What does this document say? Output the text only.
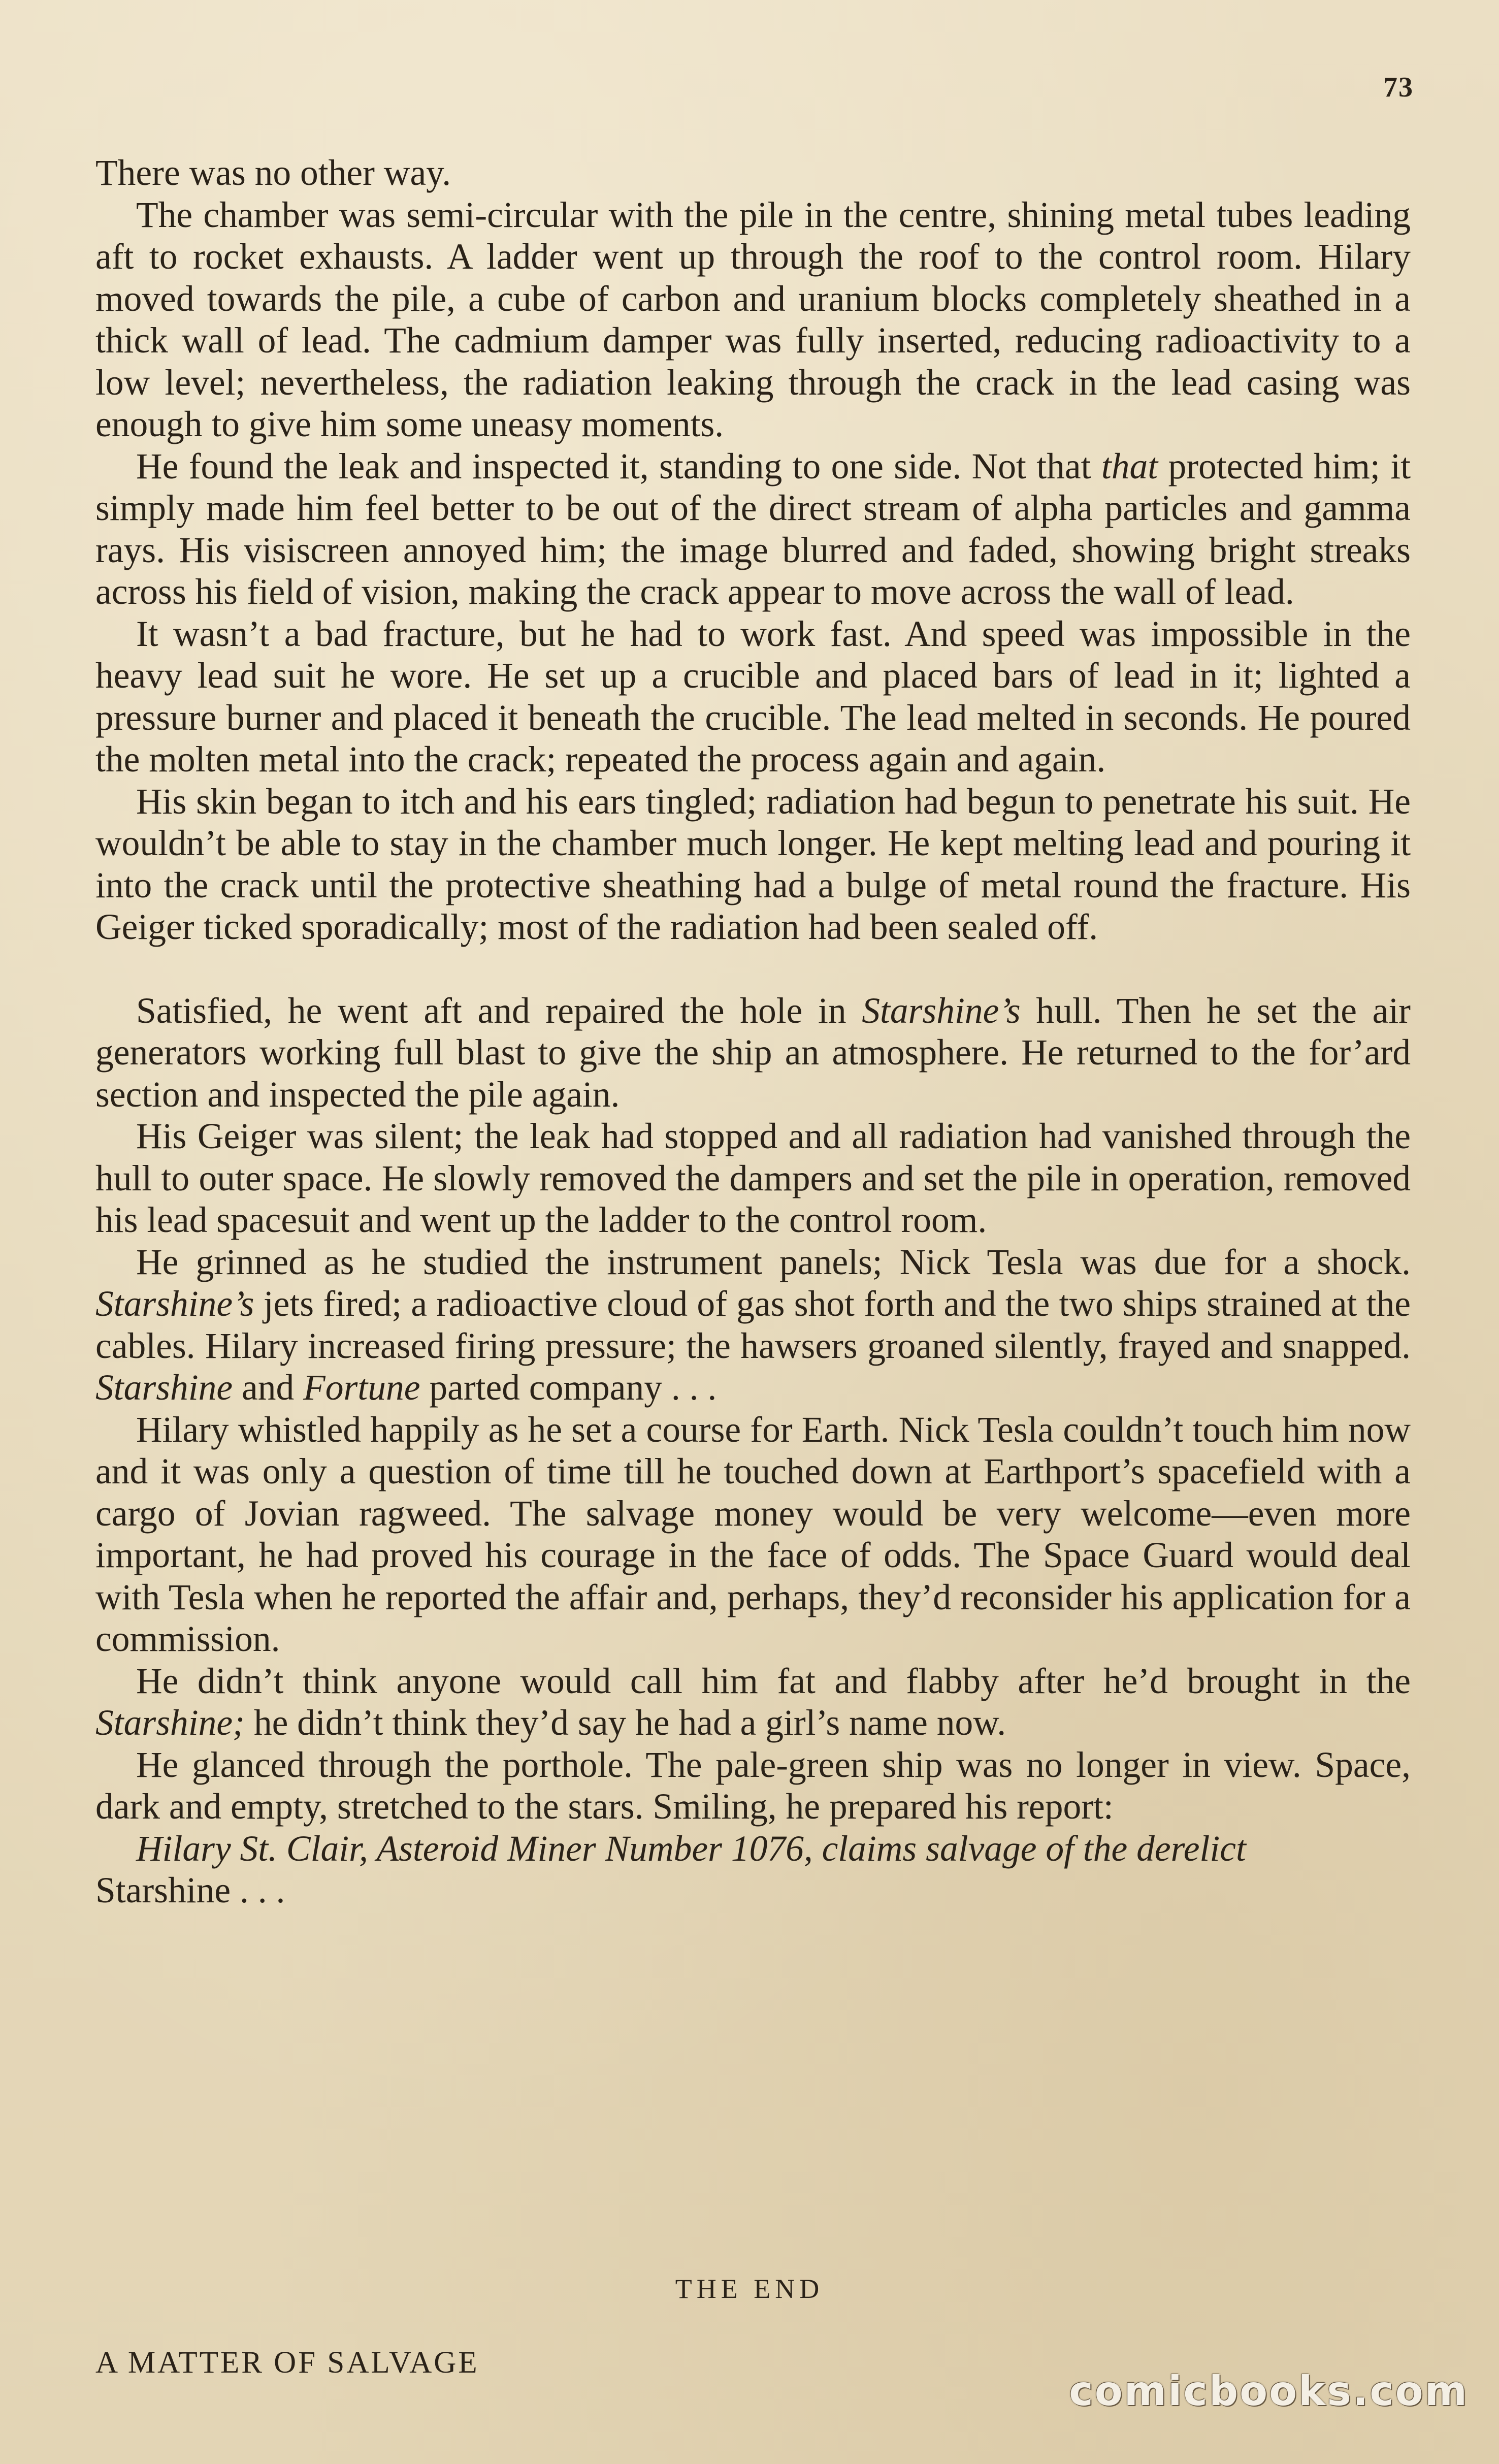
73

There was no other way.

The chamber was semi-circular with the pile in the centre, shining metal tubes leading aft to rocket exhausts. A ladder went up through the roof to the control room. Hilary moved towards the pile, a cube of carbon and uranium blocks completely sheathed in a thick wall of lead. The cadmium damper was fully inserted, reducing radioactivity to a low level; nevertheless, the radiation leaking through the crack in the lead casing was enough to give him some uneasy moments.

He found the leak and inspected it, standing to one side. Not that that protected him; it simply made him feel better to be out of the direct stream of alpha particles and gamma rays. His visiscreen annoyed him; the image blurred and faded, showing bright streaks across his field of vision, making the crack appear to move across the wall of lead.

It wasn’t a bad fracture, but he had to work fast. And speed was impossible in the heavy lead suit he wore. He set up a crucible and placed bars of lead in it; lighted a pressure burner and placed it beneath the crucible. The lead melted in seconds. He poured the molten metal into the crack; repeated the process again and again.

His skin began to itch and his ears tingled; radiation had begun to penetrate his suit. He wouldn’t be able to stay in the chamber much longer. He kept melting lead and pouring it into the crack until the protective sheathing had a bulge of metal round the fracture. His Geiger ticked sporadically; most of the radiation had been sealed off.

Satisfied, he went aft and repaired the hole in Starshine’s hull. Then he set the air generators working full blast to give the ship an atmosphere. He returned to the for’ard section and inspected the pile again.

His Geiger was silent; the leak had stopped and all radiation had vanished through the hull to outer space. He slowly removed the dampers and set the pile in operation, removed his lead spacesuit and went up the ladder to the control room.

He grinned as he studied the instrument panels; Nick Tesla was due for a shock. Starshine’s jets fired; a radioactive cloud of gas shot forth and the two ships strained at the cables. Hilary increased firing pressure; the hawsers groaned silently, frayed and snapped. Starshine and Fortune parted company . . .

Hilary whistled happily as he set a course for Earth. Nick Tesla couldn’t touch him now and it was only a question of time till he touched down at Earthport’s spacefield with a cargo of Jovian ragweed. The salvage money would be very welcome—even more important, he had proved his courage in the face of odds. The Space Guard would deal with Tesla when he reported the affair and, perhaps, they’d reconsider his application for a commission.

He didn’t think anyone would call him fat and flabby after he’d brought in the Starshine; he didn’t think they’d say he had a girl’s name now.

He glanced through the porthole. The pale-green ship was no longer in view. Space, dark and empty, stretched to the stars. Smiling, he prepared his report:

Hilary St. Clair, Asteroid Miner Number 1076, claims salvage of the derelict
Starshine . . .

THE END
A MATTER OF SALVAGE
comicbooks.com
